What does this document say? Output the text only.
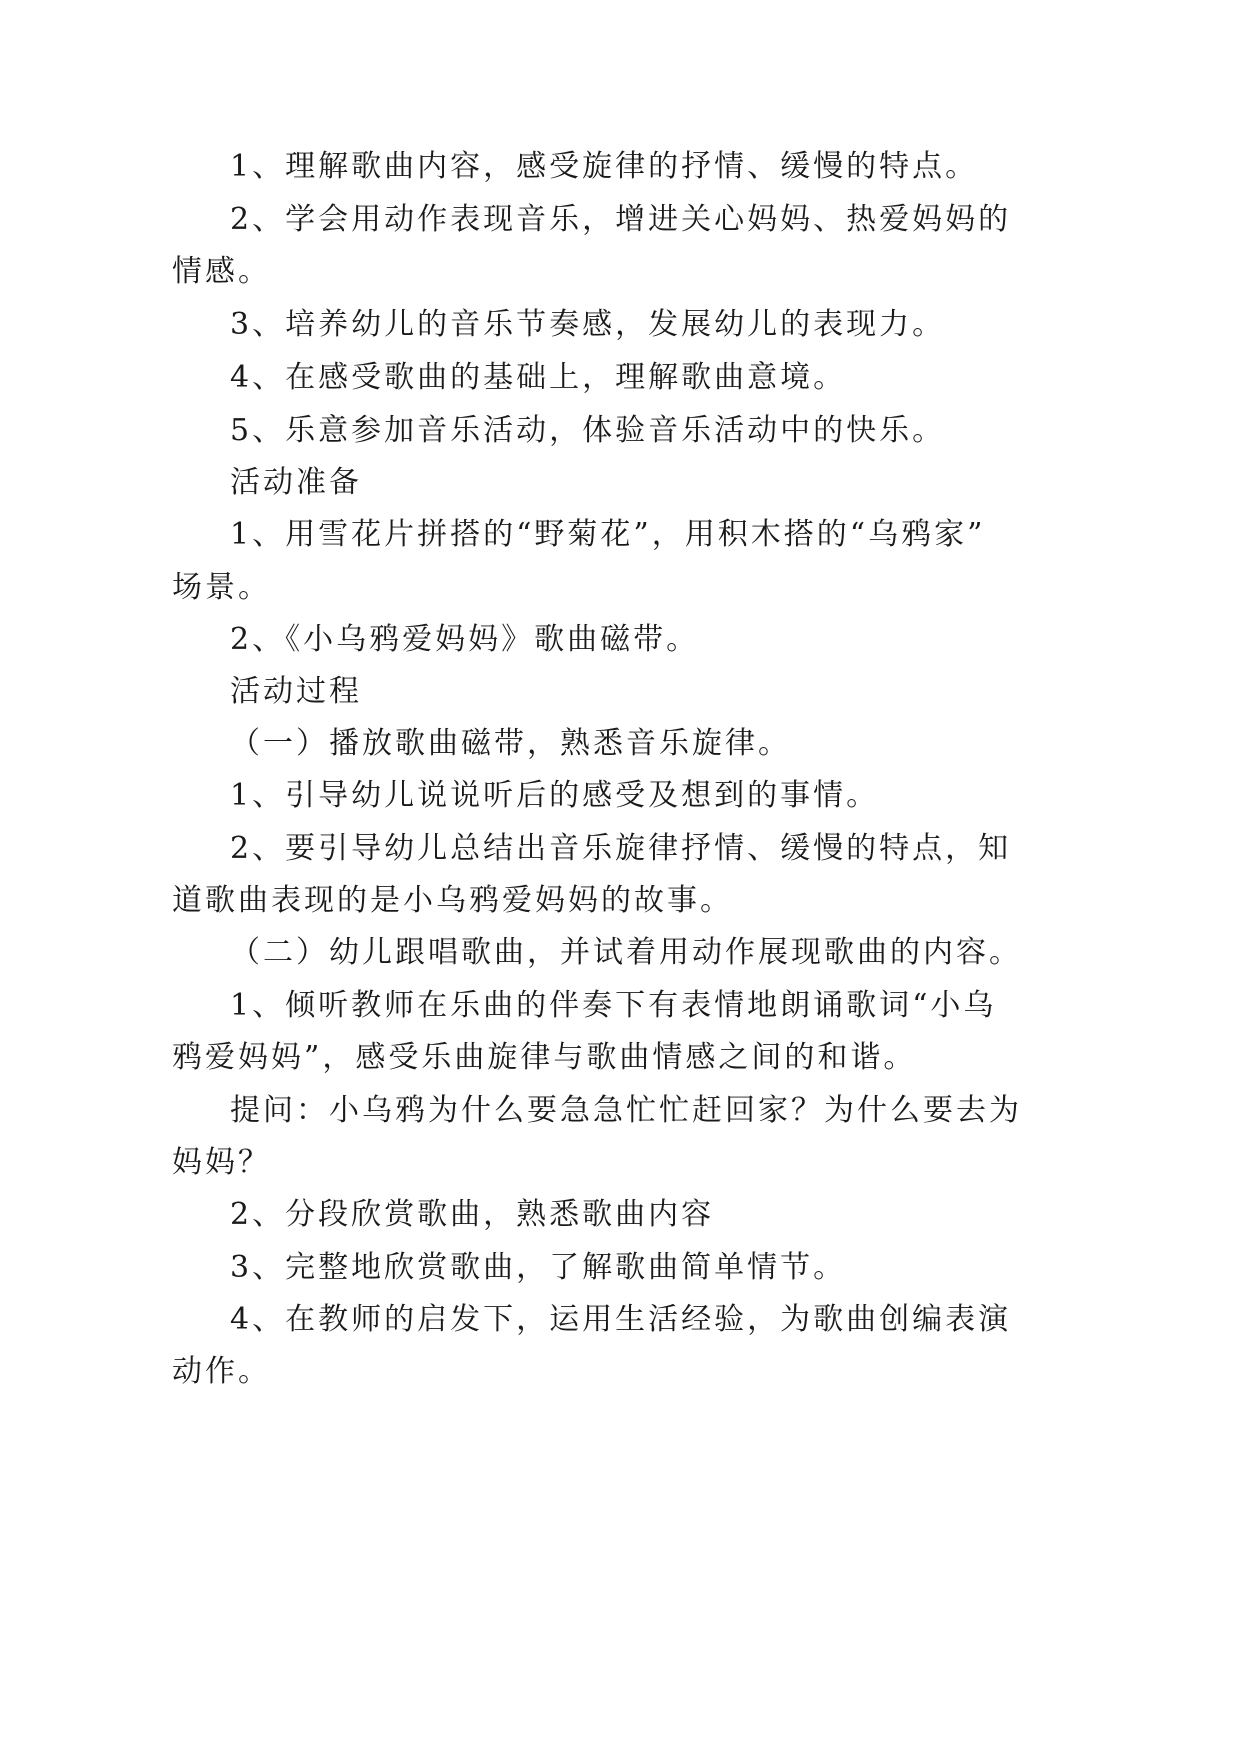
1、理解歌曲内容，感受旋律的抒情、缓慢的特点。
2、学会用动作表现音乐，增进关心妈妈、热爱妈妈的
情感。
3、培养幼儿的音乐节奏感，发展幼儿的表现力。
4、在感受歌曲的基础上，理解歌曲意境。
5、乐意参加音乐活动，体验音乐活动中的快乐。
活动准备
1、用雪花片拼搭的“野菊花”，用积木搭的“乌鸦家”
场景。
2、《小乌鸦爱妈妈》歌曲磁带。
活动过程
（一）播放歌曲磁带，熟悉音乐旋律。
1、引导幼儿说说听后的感受及想到的事情。
2、要引导幼儿总结出音乐旋律抒情、缓慢的特点，知
道歌曲表现的是小乌鸦爱妈妈的故事。
（二）幼儿跟唱歌曲，并试着用动作展现歌曲的内容。
1、倾听教师在乐曲的伴奏下有表情地朗诵歌词“小乌
鸦爱妈妈”，感受乐曲旋律与歌曲情感之间的和谐。
提问：小乌鸦为什么要急急忙忙赶回家？为什么要去为
妈妈？
2、分段欣赏歌曲，熟悉歌曲内容
3、完整地欣赏歌曲，了解歌曲简单情节。
4、在教师的启发下，运用生活经验，为歌曲创编表演
动作。
